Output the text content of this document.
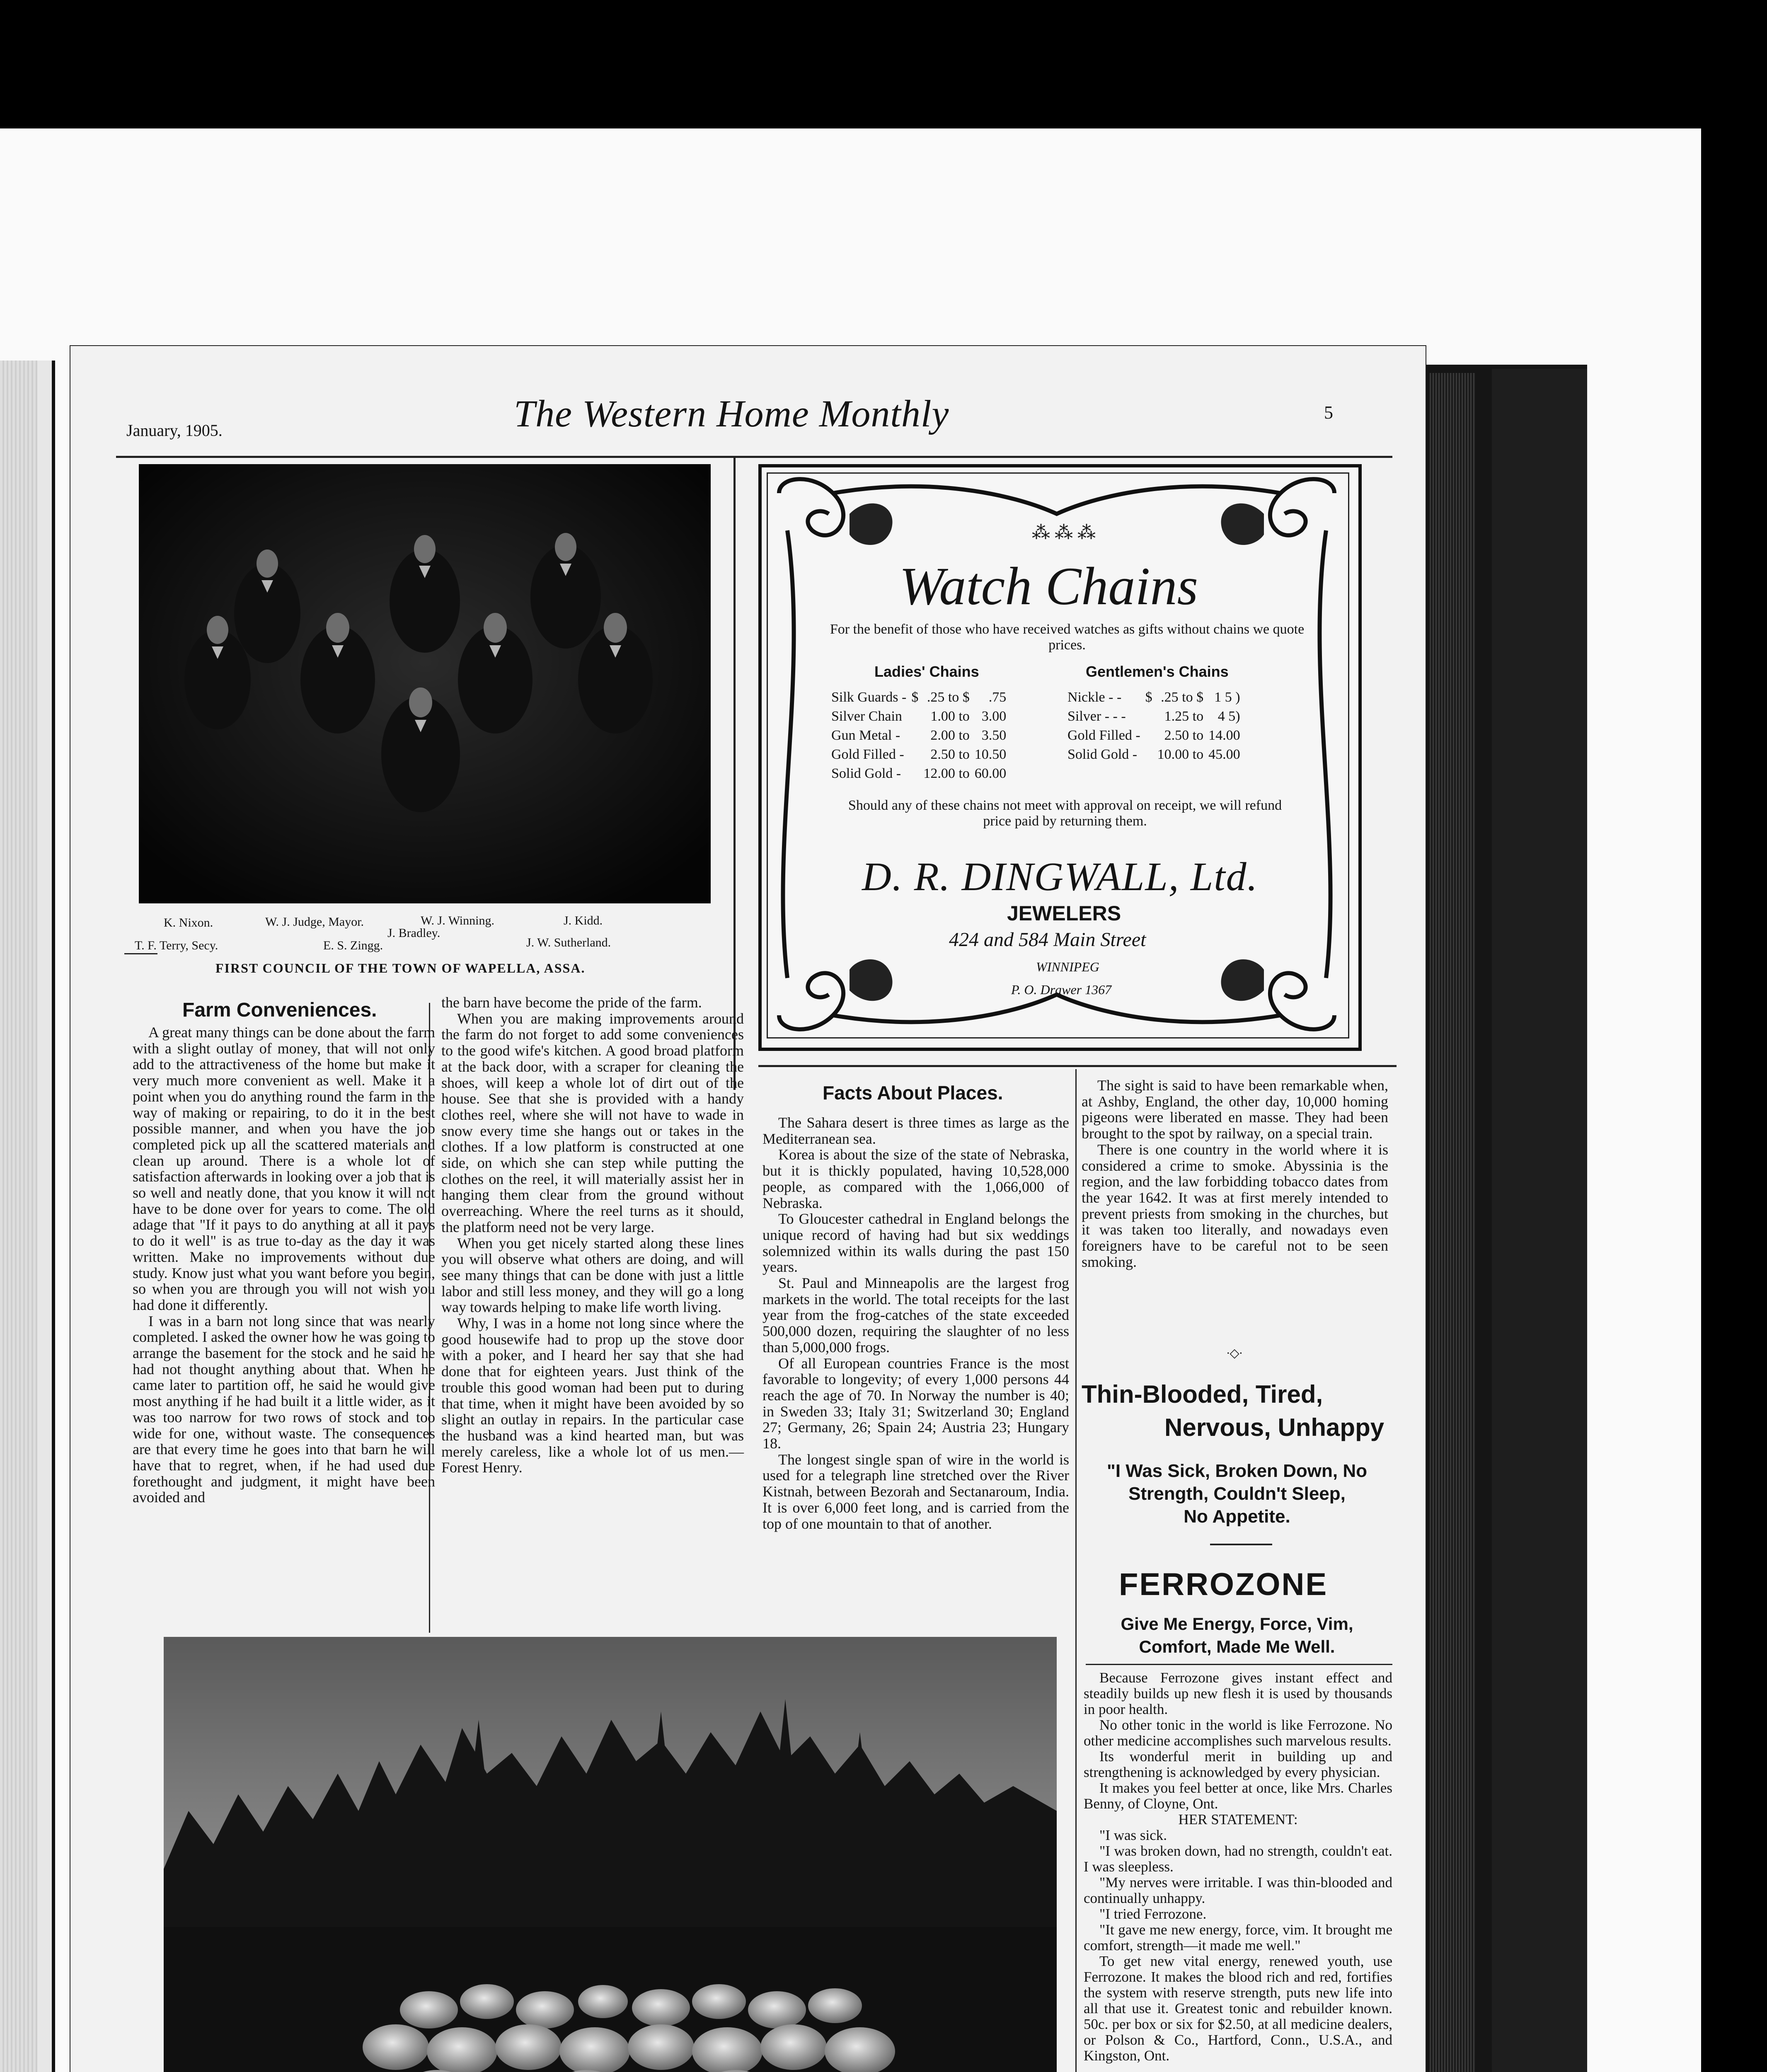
January, 1905.	The Western Home Monthly	5
K. Nixon.	W. J. Judge, Mayor.	W. J. Winning.	J. Kidd.
J. Bradley.
T. F. Terry, Secy.	E. S. Zingg.	J. W. Sutherland.
FIRST COUNCIL OF THE TOWN OF WAPELLA, ASSA.
Farm Conveniences.

A great many things can be done about the farm with a slight outlay of money, that will not only add to the attractiveness of the home but make it very much more convenient as well. Make it a point when you do anything round the farm in the way of making or repairing, to do it in the best possible manner, and when you have the job completed pick up all the scattered materials and clean up around. There is a whole lot of satisfaction afterwards in looking over a job that is so well and neatly done, that you know it will not have to be done over for years to come. The old adage that "If it pays to do anything at all it pays to do it well" is as true to-day as the day it was written. Make no improvements without due study. Know just what you want before you begin, so when you are through you will not wish you had done it differently.

I was in a barn not long since that was nearly completed. I asked the owner how he was going to arrange the basement for the stock and he said he had not thought anything about that. When he came later to partition off, he said he would give most anything if he had built it a little wider, as it was too narrow for two rows of stock and too wide for one, without waste. The consequences are that every time he goes into that barn he will have that to regret, when, if he had used due forethought and judgment, it might have been avoided and

the barn have become the pride of the farm.

When you are making improvements around the farm do not forget to add some conveniences to the good wife's kitchen. A good broad platform at the back door, with a scraper for cleaning the shoes, will keep a whole lot of dirt out of the house. See that she is provided with a handy clothes reel, where she will not have to wade in snow every time she hangs out or takes in the clothes. If a low platform is constructed at one side, on which she can step while putting the clothes on the reel, it will materially assist her in hanging them clear from the ground without overreaching. Where the reel turns as it should, the platform need not be very large.

When you get nicely started along these lines you will observe what others are doing, and will see many things that can be done with just a little labor and still less money, and they will go a long way towards helping to make life worth living.

Why, I was in a home not long since where the good housewife had to prop up the stove door with a poker, and I heard her say that she had done that for eighteen years. Just think of the trouble this good woman had been put to during that time, when it might have been avoided by so slight an outlay in repairs. In the particular case the husband was a kind hearted man, but was merely careless, like a whole lot of us men.—Forest Henry.

⁂ ⁂ ⁂
Watch Chains
For the benefit of those who have received watches as gifts without chains we quote prices.
Ladies' Chains	Gentlemen's Chains
Silk Guards -	$	.25 to $	.75
Silver Chain		1.00 to	3.00
Gun Metal -		2.00 to	3.50
Gold Filled -		2.50 to	10.50
Solid Gold -		12.00 to	60.00
Nickle - -	$	.25 to $	1 5 )
Silver - - -		1.25 to	4 5)
Gold Filled -		2.50 to	14.00
Solid Gold -		10.00 to	45.00
Should any of these chains not meet with approval on receipt, we will refund price paid by returning them.
D. R. DINGWALL, Ltd.
JEWELERS
424 and 584 Main Street
WINNIPEG
P. O. Drawer 1367
Facts About Places.

The Sahara desert is three times as large as the Mediterranean sea.

Korea is about the size of the state of Nebraska, but it is thickly populated, having 10,528,000 people, as compared with the 1,066,000 of Nebraska.

To Gloucester cathedral in England belongs the unique record of having had but six weddings solemnized within its walls during the past 150 years.

St. Paul and Minneapolis are the largest frog markets in the world. The total receipts for the last year from the frog-catches of the state exceeded 500,000 dozen, requiring the slaughter of no less than 5,000,000 frogs.

Of all European countries France is the most favorable to longevity; of every 1,000 persons 44 reach the age of 70. In Norway the number is 40; in Sweden 33; Italy 31; Switzerland 30; England 27; Germany, 26; Spain 24; Austria 23; Hungary 18.

The longest single span of wire in the world is used for a telegraph line stretched over the River Kistnah, between Bezorah and Sectanaroum, India. It is over 6,000 feet long, and is carried from the top of one mountain to that of another.

The sight is said to have been remarkable when, at Ashby, England, the other day, 10,000 homing pigeons were liberated en masse. They had been brought to the spot by railway, on a special train.

There is one country in the world where it is considered a crime to smoke. Abyssinia is the region, and the law forbidding tobacco dates from the year 1642. It was at first merely intended to prevent priests from smoking in the churches, but it was taken too literally, and nowadays even foreigners have to be careful not to be seen smoking.

∙◇∙
Thin-Blooded, Tired,
Nervous, Unhappy
"I Was Sick, Broken Down, No
Strength, Couldn't Sleep,
No Appetite.
FERROZONE
Give Me Energy, Force, Vim,
Comfort, Made Me Well.

Because Ferrozone gives instant effect and steadily builds up new flesh it is used by thousands in poor health.

No other tonic in the world is like Ferrozone. No other medicine accomplishes such marvelous results.

Its wonderful merit in building up and strengthening is acknowledged by every physician.

It makes you feel better at once, like Mrs. Charles Benny, of Cloyne, Ont.

HER STATEMENT:

"I was sick.

"I was broken down, had no strength, couldn't eat. I was sleepless.

"My nerves were irritable. I was thin-blooded and continually unhappy.

"I tried Ferrozone.

"It gave me new energy, force, vim. It brought me comfort, strength—it made me well."

To get new vital energy, renewed youth, use Ferrozone. It makes the blood rich and red, fortifies the system with reserve strength, puts new life into all that use it. Greatest tonic and rebuilder known. 50c. per box or six for $2.50, at all medicine dealers, or Polson & Co., Hartford, Conn., U.S.A., and Kingston, Ont.
